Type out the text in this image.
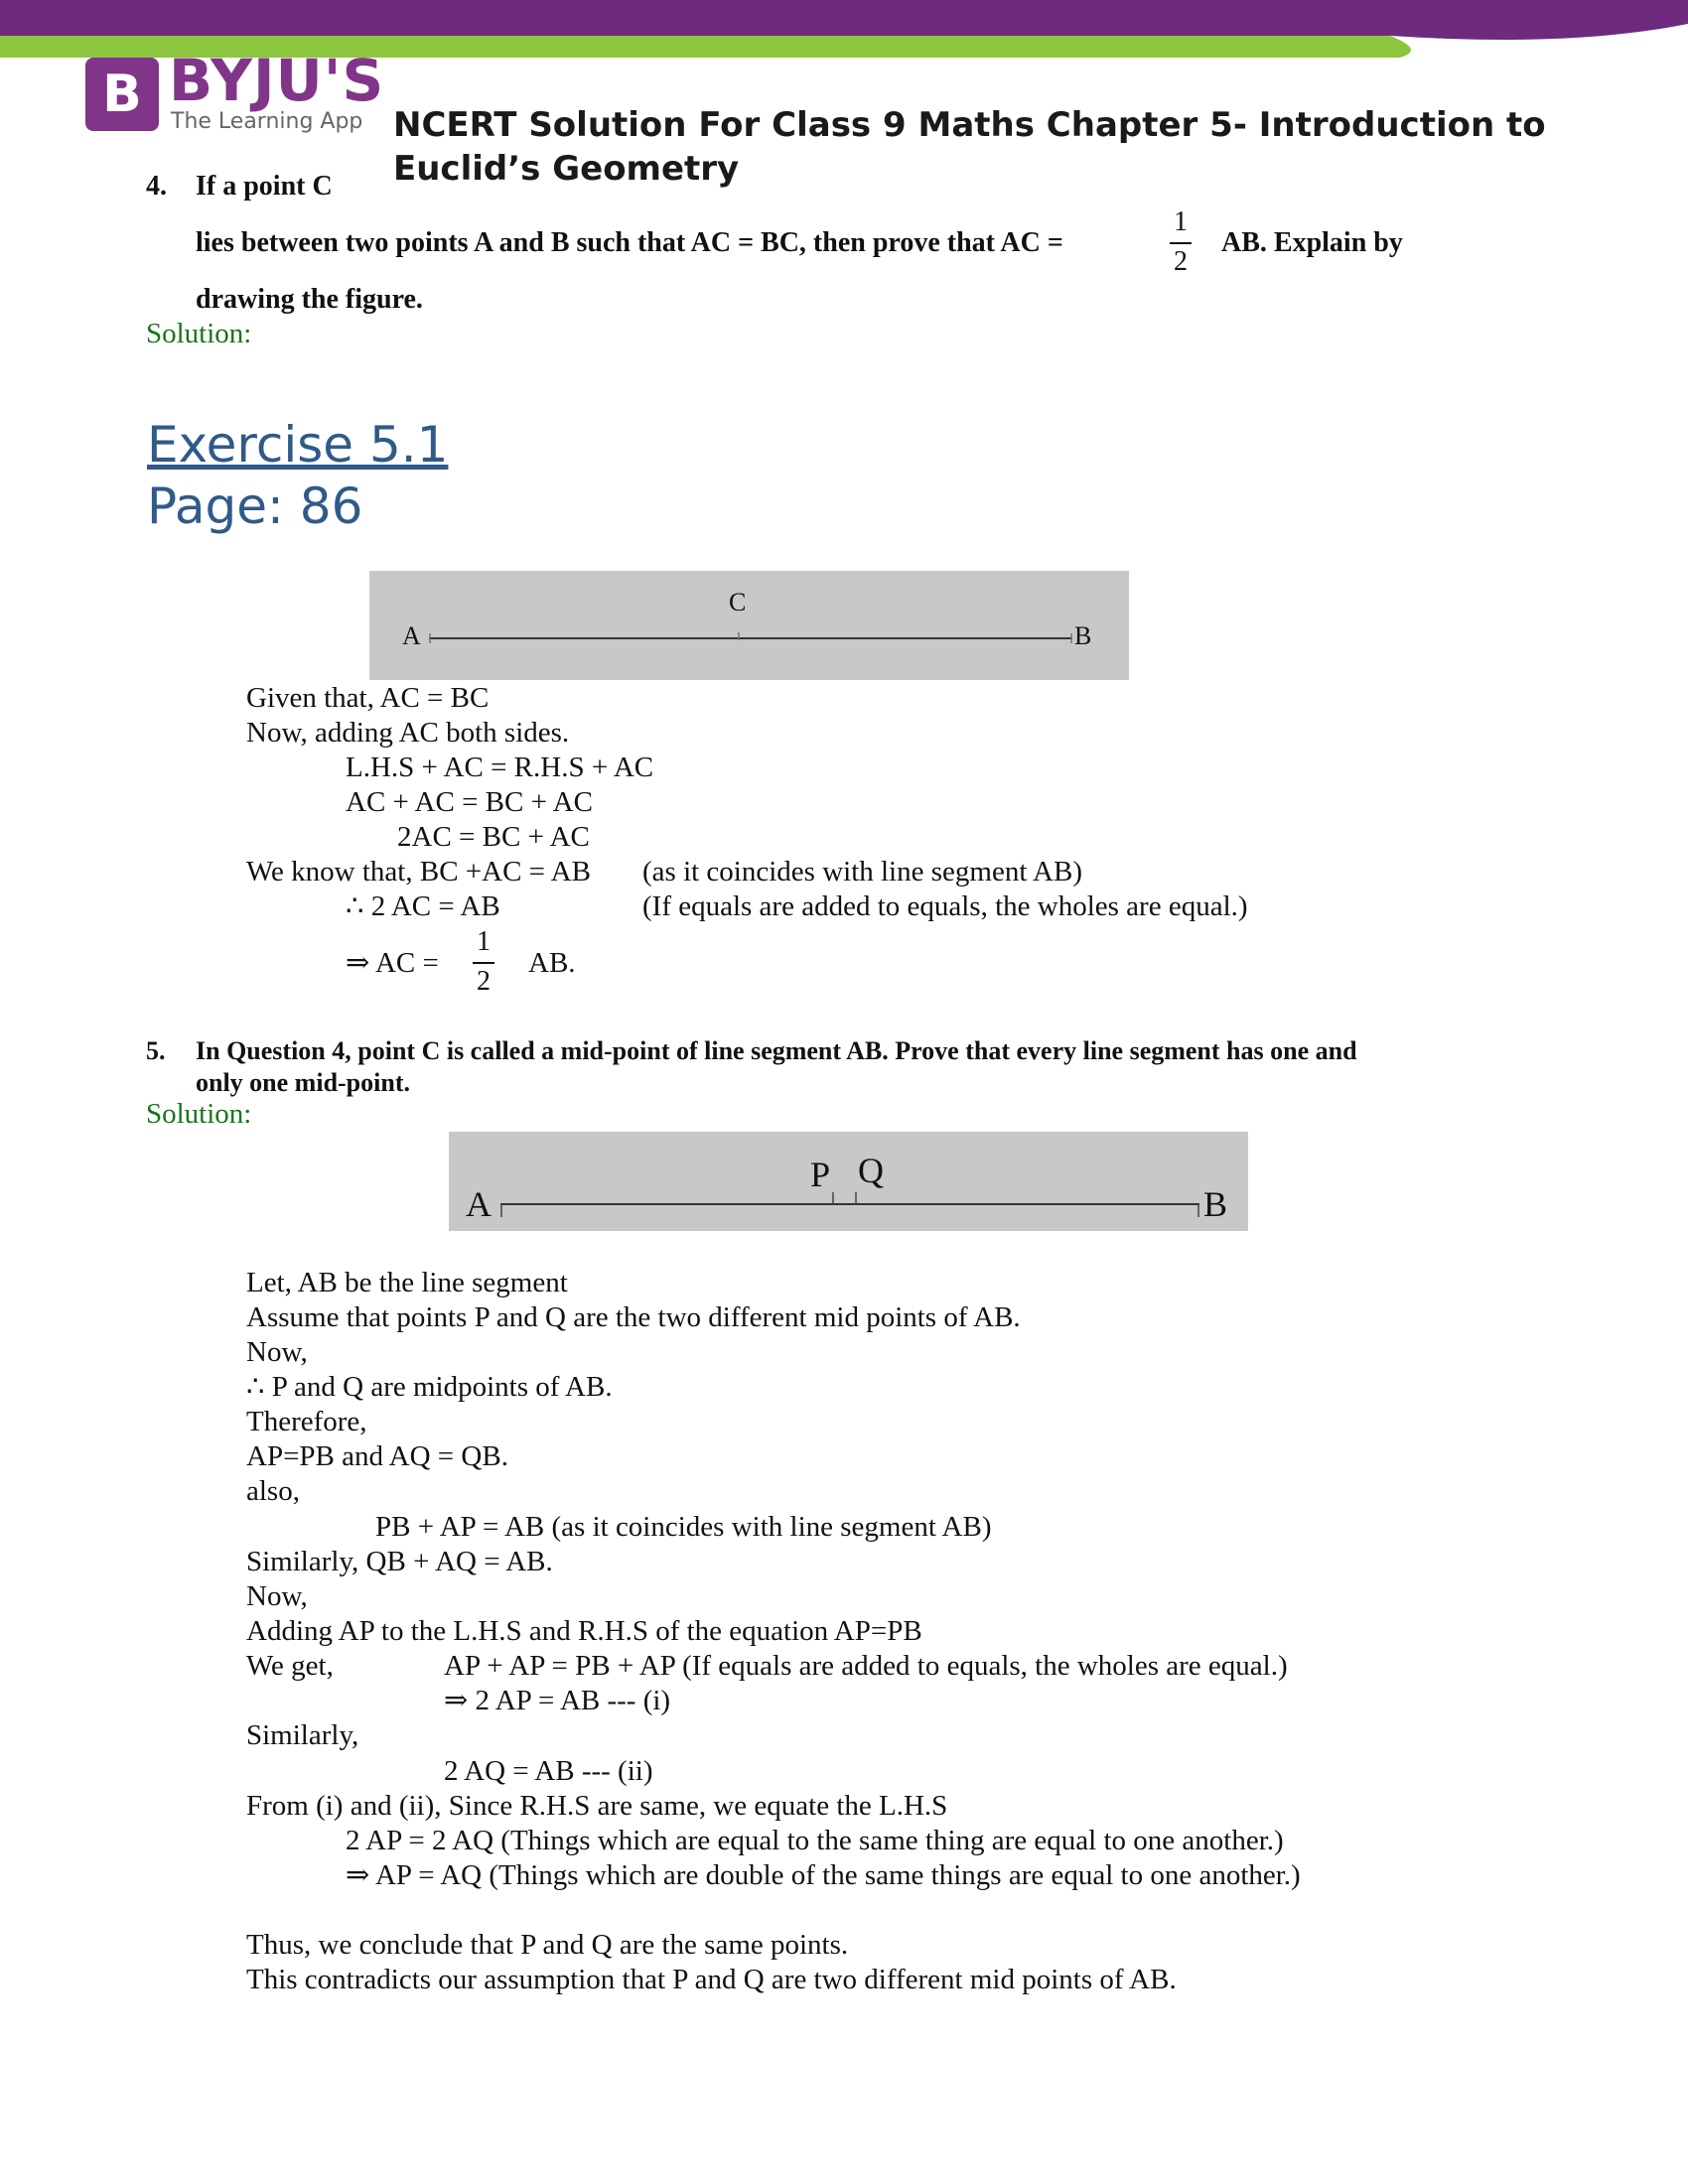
B BYJU'S
The Learning App NCERT Solution For Class 9 Maths Chapter 5- Introduction to Euclid’s Geometry
4. If a point C
lies between two points A and B such that AC = BC, then prove that AC =
1
2
AB. Explain by
drawing the figure.
Solution:
Exercise 5.1
Page: 86
A
C
B
Given that, AC = BC
Now, adding AC both sides.
L.H.S + AC = R.H.S + AC
AC + AC = BC + AC
2AC = BC + AC
We know that, BC +AC = AB (as it coincides with line segment AB)
∴ 2 AC = AB	(If equals are added to equals, the wholes are equal.)
⇒ AC =
1
2
AB.
5. In Question 4, point C is called a mid-point of line segment AB. Prove that every line segment has one and
only one mid-point.
Solution:
A
P Q
B
Let, AB be the line segment
Assume that points P and Q are the two different mid points of AB.
Now,
∴ P and Q are midpoints of AB.
Therefore,
AP=PB and AQ = QB.
also,
PB + AP = AB (as it coincides with line segment AB)
Similarly, QB + AQ = AB.
Now,
Adding AP to the L.H.S and R.H.S of the equation AP=PB
We get,	AP + AP = PB + AP (If equals are added to equals, the wholes are equal.)
⇒ 2 AP = AB --- (i)
Similarly,
2 AQ = AB --- (ii)
From (i) and (ii), Since R.H.S are same, we equate the L.H.S
2 AP = 2 AQ (Things which are equal to the same thing are equal to one another.)
⇒ AP = AQ (Things which are double of the same things are equal to one another.)
Thus, we conclude that P and Q are the same points.
This contradicts our assumption that P and Q are two different mid points of AB.
